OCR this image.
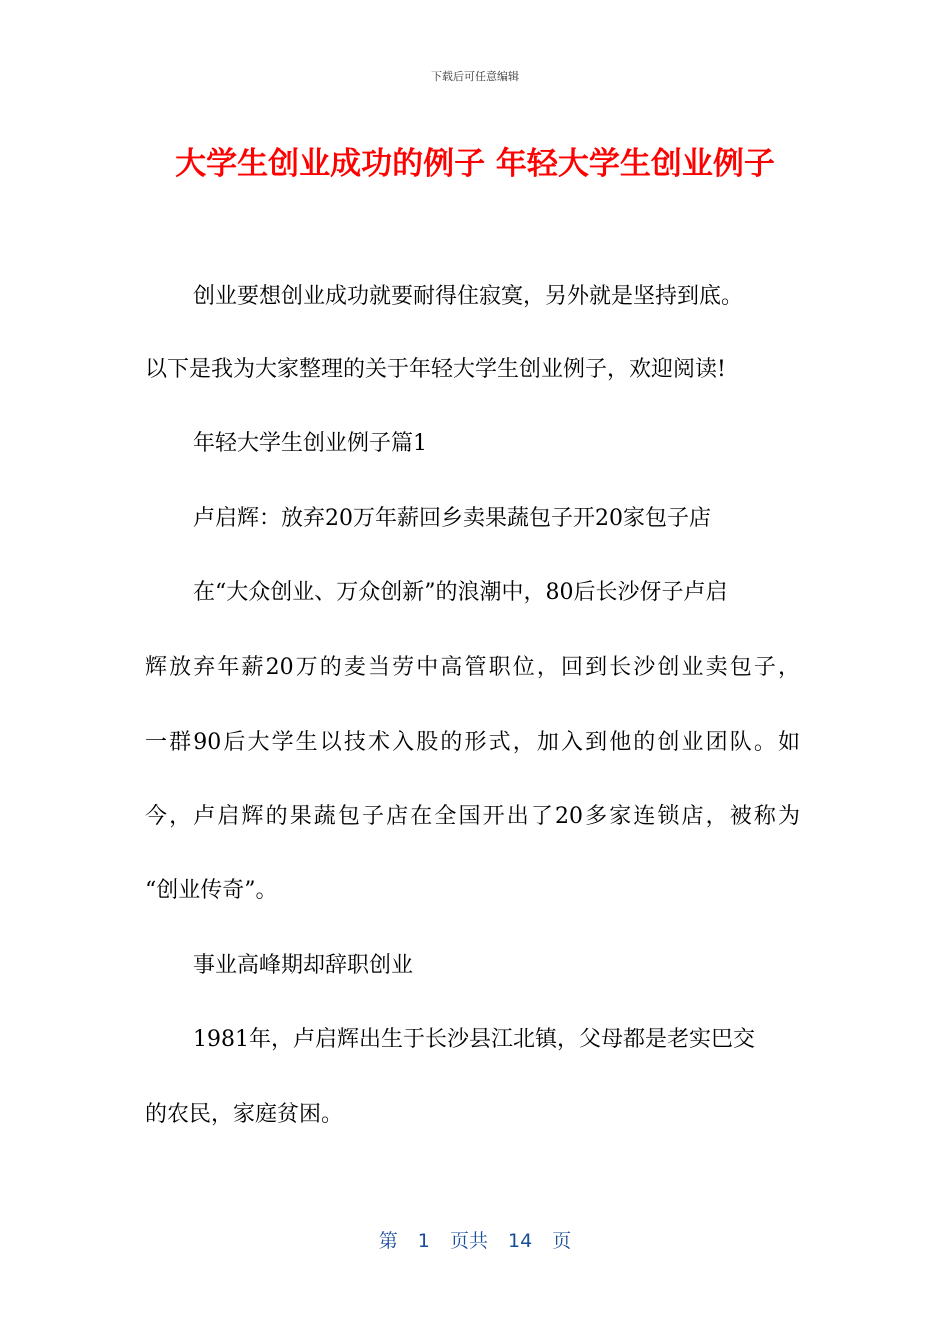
下载后可任意编辑
大学生创业成功的例子 年轻大学生创业例子
创业要想创业成功就要耐得住寂寞，另外就是坚持到底。
以下是我为大家整理的关于年轻大学生创业例子，欢迎阅读!
年轻大学生创业例子篇1
卢启辉：放弃20万年薪回乡卖果蔬包子开20家包子店
在“大众创业、万众创新”的浪潮中，80后长沙伢子卢启
辉放弃年薪20万的麦当劳中高管职位，回到长沙创业卖包子，
一群90后大学生以技术入股的形式，加入到他的创业团队。如
今，卢启辉的果蔬包子店在全国开出了20多家连锁店，被称为
“创业传奇”。
事业高峰期却辞职创业
1981年，卢启辉出生于长沙县江北镇，父母都是老实巴交
的农民，家庭贫困。
第 1 页共 14 页
